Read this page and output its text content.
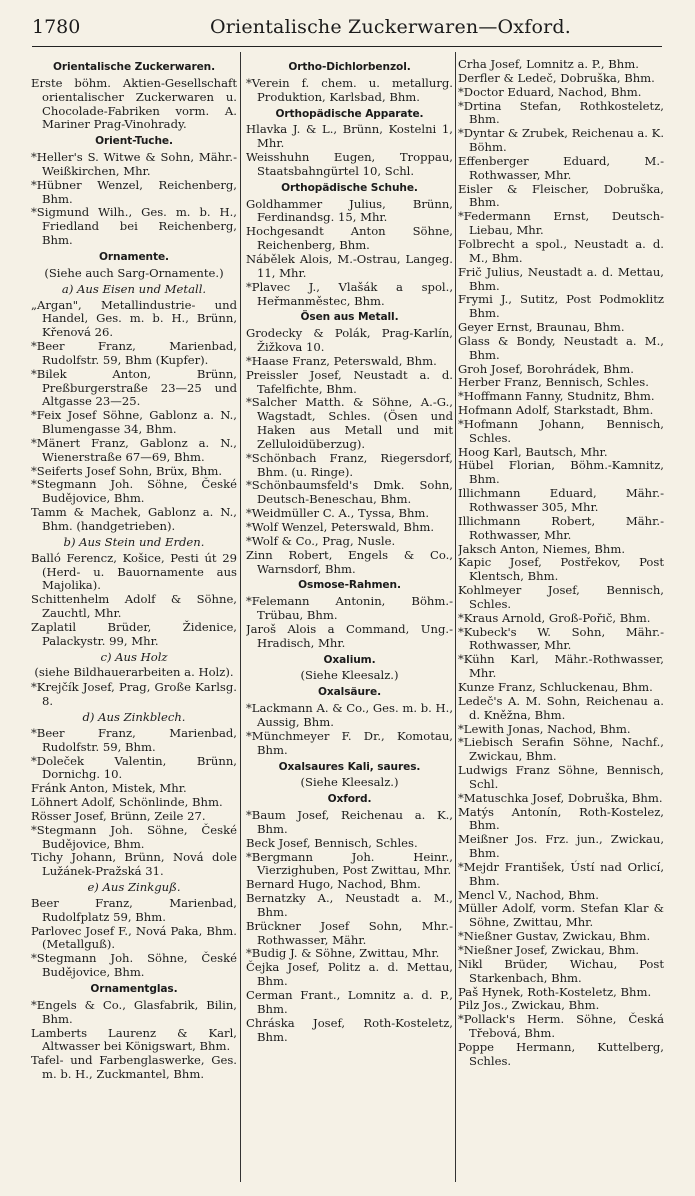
1780	Orientalische Zuckerwaren—Oxford.

Orientalische Zuckerwaren.

Erste böhm. Aktien-Gesellschaft orientalischer Zuckerwaren u. Chocolade-Fabriken vorm. A. Mariner Prag-Vinohrady.

Orient-Tuche.

*Heller's S. Witwe & Sohn, Mähr.-Weißkirchen, Mhr.

*Hübner Wenzel, Reichenberg, Bhm.

*Sigmund Wilh., Ges. m. b. H., Friedland bei Reichenberg, Bhm.

Ornamente.

(Siehe auch Sarg-Ornamente.)

a) Aus Eisen und Metall.

„Argan", Metallindustrie- und Handel, Ges. m. b. H., Brünn, Křenová 26.

*Beer Franz, Marienbad, Rudolfstr. 59, Bhm (Kupfer).

*Bilek Anton, Brünn, Preßburgerstraße 23—25 und Altgasse 23—25.

*Feix Josef Söhne, Gablonz a. N., Blumengasse 34, Bhm.

*Mänert Franz, Gablonz a. N., Wienerstraße 67—69, Bhm.

*Seiferts Josef Sohn, Brüx, Bhm.

*Stegmann Joh. Söhne, České Budějovice, Bhm.

Tamm & Machek, Gablonz a. N., Bhm. (handgetrieben).

b) Aus Stein und Erden.

Balló Ferencz, Košice, Pesti út 29 (Herd- u. Bauornamente aus Majolika).

Schittenhelm Adolf & Söhne, Zauchtl, Mhr.

Zaplatil Brüder, Židenice, Palackystr. 99, Mhr.

c) Aus Holz

(siehe Bildhauerarbeiten a. Holz).

*Krejčík Josef, Prag, Große Karlsg. 8.

d) Aus Zinkblech.

*Beer Franz, Marienbad, Rudolfstr. 59, Bhm.

*Doleček Valentin, Brünn, Dornichg. 10.

Fránk Anton, Mistek, Mhr.

Löhnert Adolf, Schönlinde, Bhm.

Rösser Josef, Brünn, Zeile 27.

*Stegmann Joh. Söhne, České Budějovice, Bhm.

Tichy Johann, Brünn, Nová dole Lužánek-Pražská 31.

e) Aus Zinkguß.

Beer Franz, Marienbad, Rudolfplatz 59, Bhm.

Parlovec Josef F., Nová Paka, Bhm. (Metallguß).

*Stegmann Joh. Söhne, České Budějovice, Bhm.

Ornamentglas.

*Engels & Co., Glasfabrik, Bilin, Bhm.

Lamberts Laurenz & Karl, Altwasser bei Königswart, Bhm.

Tafel- und Farbenglaswerke, Ges. m. b. H., Zuckmantel, Bhm.

Ortho-Dichlorbenzol.

*Verein f. chem. u. metallurg. Produktion, Karlsbad, Bhm.

Orthopädische Apparate.

Hlavka J. & L., Brünn, Kostelni 1, Mhr.

Weisshuhn Eugen, Troppau, Staatsbahngürtel 10, Schl.

Orthopädische Schuhe.

Goldhammer Julius, Brünn, Ferdinandsg. 15, Mhr.

Hochgesandt Anton Söhne, Reichenberg, Bhm.

Nábělek Alois, M.-Ostrau, Langeg. 11, Mhr.

*Plavec J., Vlašák a spol., Heřmanměstec, Bhm.

Ösen aus Metall.

Grodecky & Polák, Prag-Karlín, Žižkova 10.

*Haase Franz, Peterswald, Bhm.

Preissler Josef, Neustadt a. d. Tafelfichte, Bhm.

*Salcher Matth. & Söhne, A.-G., Wagstadt, Schles. (Ösen und Haken aus Metall und mit Zelluloidüberzug).

*Schönbach Franz, Riegersdorf, Bhm. (u. Ringe).

*Schönbaumsfeld's Dmk. Sohn, Deutsch-Beneschau, Bhm.

*Weidmüller C. A., Tyssa, Bhm.

*Wolf Wenzel, Peterswald, Bhm.

*Wolf & Co., Prag, Nusle.

Zinn Robert, Engels & Co., Warnsdorf, Bhm.

Osmose-Rahmen.

*Felemann Antonin, Böhm.-Trübau, Bhm.

Jaroš Alois a Command, Ung.-Hradisch, Mhr.

Oxalium.

(Siehe Kleesalz.)

Oxalsäure.

*Lackmann A. & Co., Ges. m. b. H., Aussig, Bhm.

*Münchmeyer F. Dr., Komotau, Bhm.

Oxalsaures Kali, saures.

(Siehe Kleesalz.)

Oxford.

*Baum Josef, Reichenau a. K., Bhm.

Beck Josef, Bennisch, Schles.

*Bergmann Joh. Heinr., Vierzighuben, Post Zwittau, Mhr.

Bernard Hugo, Nachod, Bhm.

Bernatzky A., Neustadt a. M., Bhm.

Brückner Josef Sohn, Mhr.-Rothwasser, Mähr.

*Budig J. & Söhne, Zwittau, Mhr.

Čejka Josef, Politz a. d. Mettau, Bhm.

Cerman Frant., Lomnitz a. d. P., Bhm.

Chráska Josef, Roth-Kosteletz, Bhm.

Crha Josef, Lomnitz a. P., Bhm.

Derfler & Ledeč, Dobruška, Bhm.

*Doctor Eduard, Nachod, Bhm.

*Drtina Stefan, Rothkosteletz, Bhm.

*Dyntar & Zrubek, Reichenau a. K. Böhm.

Effenberger Eduard, M.-Rothwasser, Mhr.

Eisler & Fleischer, Dobruška, Bhm.

*Federmann Ernst, Deutsch-Liebau, Mhr.

Folbrecht a spol., Neustadt a. d. M., Bhm.

Frič Julius, Neustadt a. d. Mettau, Bhm.

Frymi J., Sutitz, Post Podmoklitz Bhm.

Geyer Ernst, Braunau, Bhm.

Glass & Bondy, Neustadt a. M., Bhm.

Groh Josef, Borohrádek, Bhm.

Herber Franz, Bennisch, Schles.

*Hoffmann Fanny, Studnitz, Bhm.

Hofmann Adolf, Starkstadt, Bhm.

*Hofmann Johann, Bennisch, Schles.

Hoog Karl, Bautsch, Mhr.

Hübel Florian, Böhm.-Kamnitz, Bhm.

Illichmann Eduard, Mähr.-Rothwasser 305, Mhr.

Illichmann Robert, Mähr.-Rothwasser, Mhr.

Jaksch Anton, Niemes, Bhm.

Kapic Josef, Postřekov, Post Klentsch, Bhm.

Kohlmeyer Josef, Bennisch, Schles.

*Kraus Arnold, Groß-Pořič, Bhm.

*Kubeck's W. Sohn, Mähr.-Rothwasser, Mhr.

*Kühn Karl, Mähr.-Rothwasser, Mhr.

Kunze Franz, Schluckenau, Bhm.

Ledeč's A. M. Sohn, Reichenau a. d. Kněžna, Bhm.

*Lewith Jonas, Nachod, Bhm.

*Liebisch Serafin Söhne, Nachf., Zwickau, Bhm.

Ludwigs Franz Söhne, Bennisch, Schl.

*Matuschka Josef, Dobruška, Bhm.

Matýs Antonín, Roth-Kostelez, Bhm.

Meißner Jos. Frz. jun., Zwickau, Bhm.

*Mejdr František, Ústí nad Orlicí, Bhm.

Mencl V., Nachod, Bhm.

Müller Adolf, vorm. Stefan Klar & Söhne, Zwittau, Mhr.

*Nießner Gustav, Zwickau, Bhm.

*Nießner Josef, Zwickau, Bhm.

Nikl Brüder, Wichau, Post Starkenbach, Bhm.

Paš Hynek, Roth-Kosteletz, Bhm.

Pilz Jos., Zwickau, Bhm.

*Pollack's Herm. Söhne, Česká Třebová, Bhm.

Poppe Hermann, Kuttelberg, Schles.
